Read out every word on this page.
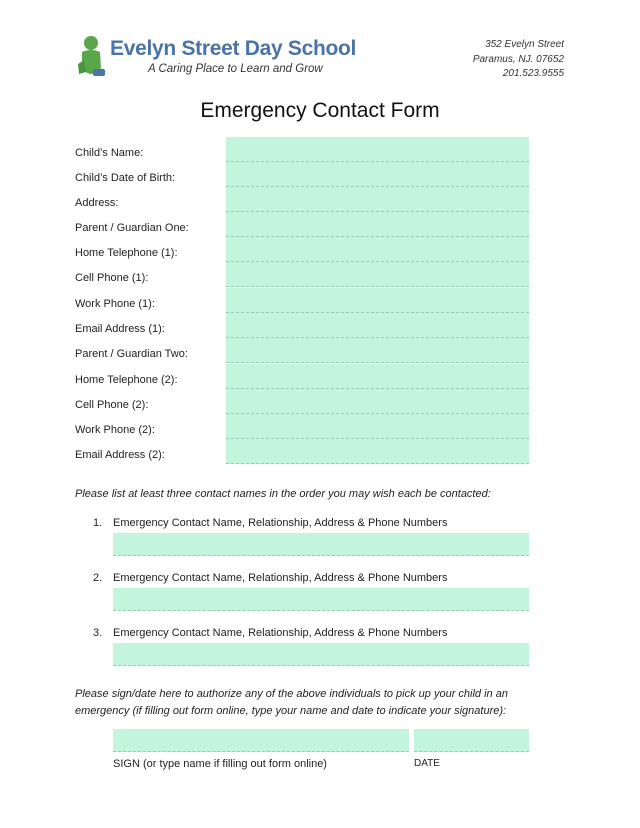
Evelyn Street Day School
A Caring Place to Learn and Grow
352 Evelyn Street
Paramus, NJ. 07652
201.523.9555
Emergency Contact Form
Child’s Name:
Child’s Date of Birth:
Address:
Parent / Guardian One:
Home Telephone (1):
Cell Phone (1):
Work Phone (1):
Email Address (1):
Parent / Guardian Two:
Home Telephone (2):
Cell Phone (2):
Work Phone (2):
Email Address (2):
Please list at least three contact names in the order you may wish each be contacted:
1. Emergency Contact Name, Relationship, Address & Phone Numbers
2. Emergency Contact Name, Relationship, Address & Phone Numbers
3. Emergency Contact Name, Relationship, Address & Phone Numbers
Please sign/date here to authorize any of the above individuals to pick up your child in an emergency (if filling out form online, type your name and date to indicate your signature):
SIGN (or type name if filling out form online)	DATE
